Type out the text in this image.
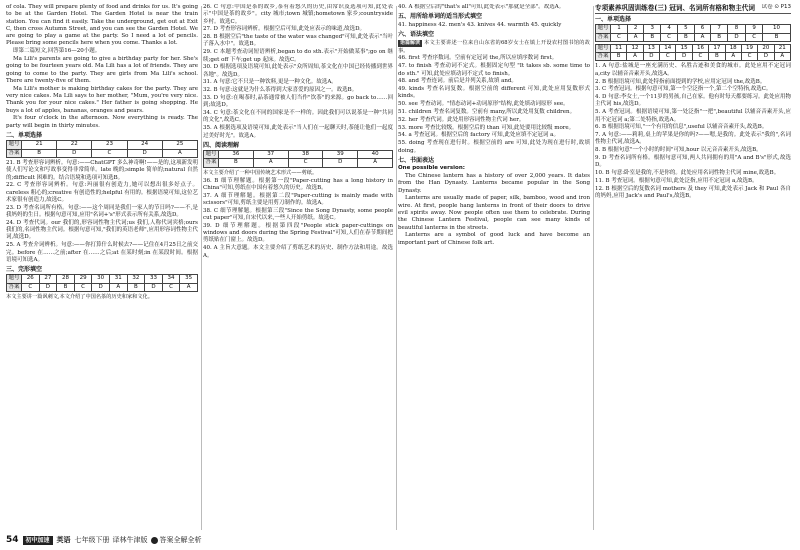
of cola. They will prepare plenty of food and drinks for us. It's going to be at the Garden Hotel. The Garden Hotel is near the train station. You can find it easily. Take the underground, get out at Exit C, then cross Autumn Street, and you can see the Garden Hotel. We are going to play a game at the party. So I need a lot of pencils. Please bring some pencils here when you come. Thanks a lot.

即第二篇短文,回答第16—20小题。

Ma Lili's parents are going to give a birthday party for her. She's going to be fourteen years old. Ma Lili has a lot of friends. They are going to come to the party. They are girls from Ma Lili's school. There are twenty-five of them.

Ma Lili's mother is making birthday cakes for the party. They are very nice cakes. Ma Lili says to her mother, "Mum, you're very nice. Thank you for your nice cakes." Her father is going shopping. He buys a lot of apples, bananas, oranges and pears.

It's four o'clock in the afternoon. Now everything is ready. The party will begin in thirty minutes.

二、单项选择
题号	21	22	23	24	25
答案	B	D	C	D	A

21. B 考查形容词辨析。句意:——ChatGPT 多么神奇啊!——是的,这项新发明使人们写论文和写故事变得非常简单。late 晚的;simple 简单的;natural 自然的;difficult 困难的。结合语境和选项可知选B。

22. C 考查形容词辨析。句意:玛丽很有创造力,她可以想出很多好点子。careless 粗心的;creative 有创造性的;helpful 有用的。根据语境可知,这位艺术家很有创造力,故选C。

23. D 考查名词所有格。句意:——这个周同是我们一家人的节日吗?——不,是我妈妈的生日。根据句意可知,应用"名词+'s"形式表示所有关系,故选D。

24. D 考查代词。our 我们的,形容词性物主代词;us 我们,人称代词宾格;ours 我们的,名词性物主代词。根据句意可知,"我们的英语老师",应用形容词性物主代词,故选D。

25. A 考查介词辨析。句意:——你打算什么时候去?——记住在4月25日之前交完。before 在……之前;after 在……之后;at 在某时刻;in 在某段时间。根据语境可知选A。

三、完形填空
题号	26	27	28	29	30	31	32	33	34	35
答案	C	D	B	C	D	A	B	D	C	A

本文主要讲一篇讽刺文,本文介绍了中国名茶的历史和家和文化。

26. C 句意:中国是茶的故乡,茶有着悠久的历史,由常识及选项可知,此处表示"中国是茶的故乡"。city 城市;town 城镇;hometown 家乡;countryside 乡村。故选C。

27. D 考查形容词辨析。根据空后可知,此处应表示的味道,故选D。

28. B 根据空后"the taste of the water was changed"可知,此处表示"当叶子落入水中"。故选B。

29. C 本题考查动词短语辨析,began to do sth.表示"开始做某事";go on 继续;get off 下车;get up 起床。故选C。

30. D 根据选项及语境可知,此处表示"众所周知,茶文化在中国已经传播到世界各地"。故选D。

31. A 句意:它不只是一种饮料,更是一种文化。故选A。

32. B 句意:这就是为什么茶得到大家喜爱的原因之一。故选B。

33. D 句意:在喝茶时,品茶通常被人们当作"饮茶"的来源。go back to……回到;故选D。

34. C 句意:茶文化在不同的国家是不一样的。因此我们可以说茶是一种"共同的文化",故选C。

35. A 根据选项及语境可知,此处表示"当人们在一起聊天时,茶能让他们一起度过美好时光"。故选A。

四、阅读理解
题号	36	37	38	39	40
答案	B	A	C	D	A

本文主要介绍了一种中国传统艺术形式——剪纸。

36. B 细节理解题。根据第一段"Paper-cutting has a long history in China"可知,剪纸在中国有着悠久的历史。故选B。

37. A 细节理解题。根据第二段"Paper-cutting is mainly made with scissors"可知,剪纸主要是用剪刀制作的。故选A。

38. C 细节理解题。根据第三段"Since the Song Dynasty, some people cut paper"可知,自宋代以来,一些人开始剪纸。故选C。

39. D 细节理解题。根据第四段"People stick paper-cuttings on windows and doors during the Spring Festival"可知,人们在春节期间把剪纸贴在门窗上。故选D。

40. A 主旨大意题。本文主要介绍了剪纸艺术的历史、制作方法和用途。故选A。

40. A 根据空后的"that's all"可知,此处表示"那就是全部"。故选A。

五、用所给单词的适当形式填空

41. happiness 42. men's 43. knives 44. warmth 45. quickly

六、语法填空

语篇解读 本文主要讲述一位来自山东省的68岁女士在镇上开设农村图书馆的故事。

46. first 考查序数词。空前有定冠词 the,所以应填序数词 first。

47. to finish 考查动词不定式。根据固定句型 "It takes sb. some time to do sth." 可知,此处应填动词不定式 to finish。

48. and 考查连词。前后是并列关系,故填 and。

49. kinds 考查名词复数。根据空前的 different 可知,此处应用复数形式 kinds。

50. see 考查动词。"情态动词+动词原形"结构,此处填动词原形 see。

51. children 考查名词复数。空前有 many,所以此处用复数 children。

52. her 考查代词。此处用形容词性物主代词 her。

53. more 考查比较级。根据空后的 than 可知,此处要用比较级 more。

54. a 考查冠词。根据空后的 factory 可知,此处应填不定冠词 a。

55. doing 考查现在进行时。根据空前的 are 可知,此处为现在进行时,故填 doing。

七、书面表达

One possible version:

The Chinese lantern has a history of over 2,000 years. It dates from the Han Dynasty. Lanterns became popular in the Song Dynasty.

Lanterns are usually made of paper, silk, bamboo, wood and iron wire. At first, people hang lanterns in front of their doors to drive evil spirits away. Now people often use them to celebrate. During the Chinese Lantern Festival, people can see many kinds of beautiful lanterns in the streets.

Lanterns are a symbol of good luck and have become an important part of Chinese folk art.

专项素养巩固训练卷(三) 冠词、名词所有格和物主代词 试卷 ⊙ P13
一、单项选择
题号	1	2	3	4	5	6	7	8	9	10
答案	C	A	B	C	B	A	B	D	C	B
题号	11	12	13	14	15	16	17	18	19	20	21
答案	B	A	D	C	D	C	B	A	C	D	A

1. A 句意:盐城是一座充满历史、名胜古迹和美食的城市。此处应用不定冠词 a,city 以辅音音素开头,故选A。

2. B 根据语境可知,此处特指前面提到的学校,应用定冠词 the,故选B。

3. C 考查冠词。根据句意可知,第一个空泛指一个,第二个空特指,故选C。

4. D 句意:李女士,一个11岁的男孩,自己在家。他有时每天都要练习。此处应用物主代词 his,故选D。

5. A 考查冠词。根据语境可知,第一处泛指"一把",beautiful 以辅音音素开头,应用不定冠词 a;第二处特指,故选A。

6. B 根据语境可知,"一个有用的信息",useful 以辅音音素开头,故选B。

7. A 句意:——莉莉,桌上的苹果是你的吗?——嗯,是我的。此处表示"我的",名词性物主代词,故选A。

8. B 根据句意"一个小时的时间"可知,hour 以元音音素开头,故选B。

9. D 考查名词所有格。根据句意可知,两人共同拥有的用"A and B's"形式,故选D。

10. B 句意:卧室是我的,不是你的。此处应用名词性物主代词 mine,故选B。

11. B 考查冠词。根据句意可知,此处泛指,应用不定冠词 a,故选B。

12. B 根据空后的复数名词 mothers 及 they 可知,此处表示 Jack 和 Paul 各自的妈妈,应用 Jack's and Paul's,故选B。

54	初中加速	英语 七年级下册 译林牛津版 答案全解全析
